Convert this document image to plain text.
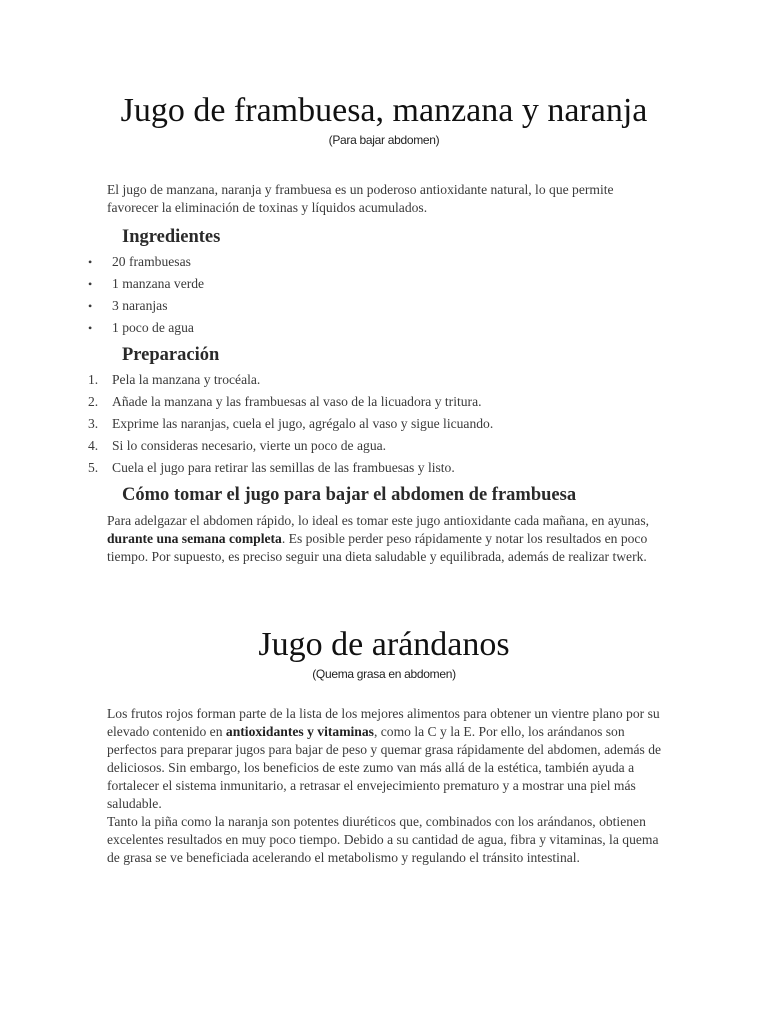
Jugo de frambuesa, manzana y naranja

(Para bajar abdomen)

El jugo de manzana, naranja y frambuesa es un poderoso antioxidante natural, lo que permite favorecer la eliminación de toxinas y líquidos acumulados.

Ingredientes
• 20 frambuesas
• 1 manzana verde
• 3 naranjas
• 1 poco de agua
Preparación
1. Pela la manzana y trocéala.
2. Añade la manzana y las frambuesas al vaso de la licuadora y tritura.
3. Exprime las naranjas, cuela el jugo, agrégalo al vaso y sigue licuando.
4. Si lo consideras necesario, vierte un poco de agua.
5. Cuela el jugo para retirar las semillas de las frambuesas y listo.
Cómo tomar el jugo para bajar el abdomen de frambuesa

Para adelgazar el abdomen rápido, lo ideal es tomar este jugo antioxidante cada mañana, en ayunas, durante una semana completa. Es posible perder peso rápidamente y notar los resultados en poco tiempo. Por supuesto, es preciso seguir una dieta saludable y equilibrada, además de realizar twerk.

Jugo de arándanos

(Quema grasa en abdomen)

Los frutos rojos forman parte de la lista de los mejores alimentos para obtener un vientre plano por su elevado contenido en antioxidantes y vitaminas, como la C y la E. Por ello, los arándanos son perfectos para preparar jugos para bajar de peso y quemar grasa rápidamente del abdomen, además de deliciosos. Sin embargo, los beneficios de este zumo van más allá de la estética, también ayuda a fortalecer el sistema inmunitario, a retrasar el envejecimiento prematuro y a mostrar una piel más saludable.
Tanto la piña como la naranja son potentes diuréticos que, combinados con los arándanos, obtienen excelentes resultados en muy poco tiempo. Debido a su cantidad de agua, fibra y vitaminas, la quema de grasa se ve beneficiada acelerando el metabolismo y regulando el tránsito intestinal.
